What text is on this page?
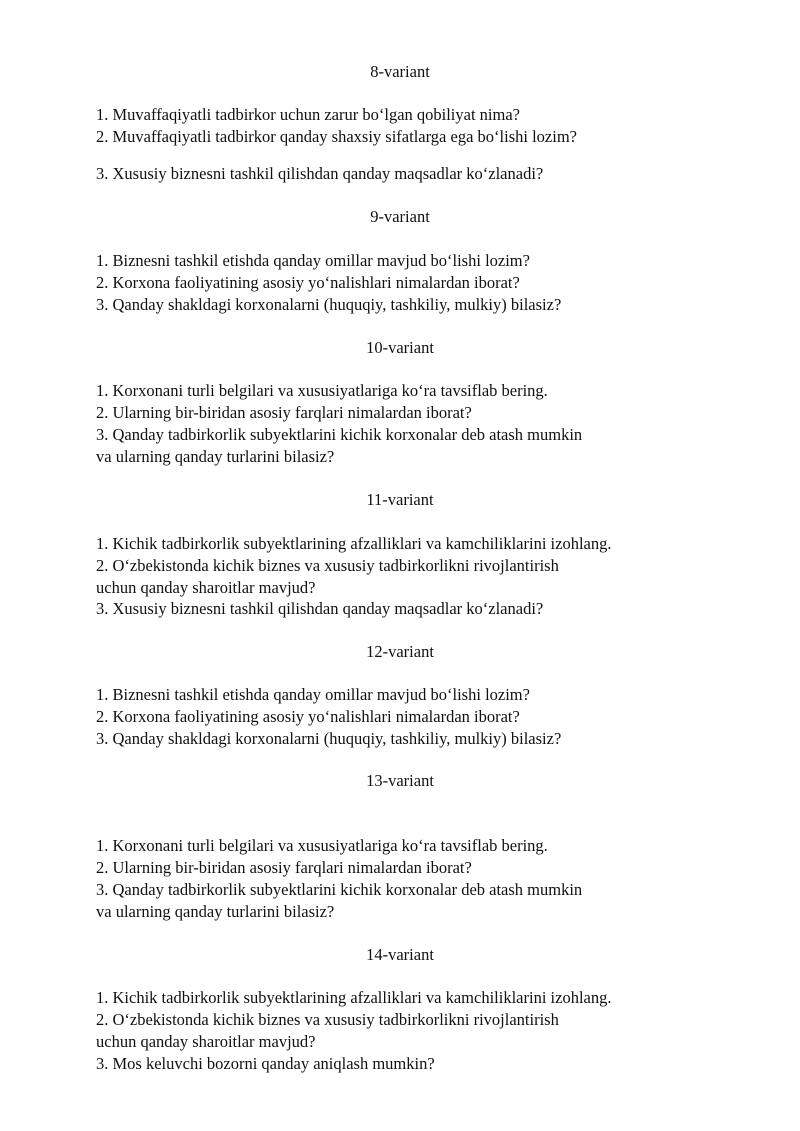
8-variant
1. Muvaffaqiyatli tadbirkor uchun zarur bo‘lgan qobiliyat nima?
2. Muvaffaqiyatli tadbirkor qanday shaxsiy sifatlarga ega bo‘lishi lozim?
3. Xususiy biznesni tashkil qilishdan qanday maqsadlar ko‘zlanadi?
9-variant
1. Biznesni tashkil etishda qanday omillar mavjud bo‘lishi lozim?
2. Korxona faoliyatining asosiy yo‘nalishlari nimalardan iborat?
3. Qanday shakldagi korxonalarni (huquqiy, tashkiliy, mulkiy) bilasiz?
10-variant
1. Korxonani turli belgilari va xususiyatlariga ko‘ra tavsiflab bering.
2. Ularning bir-biridan asosiy farqlari nimalardan iborat?
3. Qanday tadbirkorlik subyektlarini kichik korxonalar deb atash mumkin
va ularning qanday turlarini bilasiz?
11-variant
1. Kichik tadbirkorlik subyektlarining afzalliklari va kamchiliklarini izohlang.
2. O‘zbekistonda kichik biznes va xususiy tadbirkorlikni rivojlantirish
uchun qanday sharoitlar mavjud?
3. Xususiy biznesni tashkil qilishdan qanday maqsadlar ko‘zlanadi?
12-variant
1. Biznesni tashkil etishda qanday omillar mavjud bo‘lishi lozim?
2. Korxona faoliyatining asosiy yo‘nalishlari nimalardan iborat?
3. Qanday shakldagi korxonalarni (huquqiy, tashkiliy, mulkiy) bilasiz?
13-variant
1. Korxonani turli belgilari va xususiyatlariga ko‘ra tavsiflab bering.
2. Ularning bir-biridan asosiy farqlari nimalardan iborat?
3. Qanday tadbirkorlik subyektlarini kichik korxonalar deb atash mumkin
va ularning qanday turlarini bilasiz?
14-variant
1. Kichik tadbirkorlik subyektlarining afzalliklari va kamchiliklarini izohlang.
2. O‘zbekistonda kichik biznes va xususiy tadbirkorlikni rivojlantirish
uchun qanday sharoitlar mavjud?
3. Mos keluvchi bozorni qanday aniqlash mumkin?
